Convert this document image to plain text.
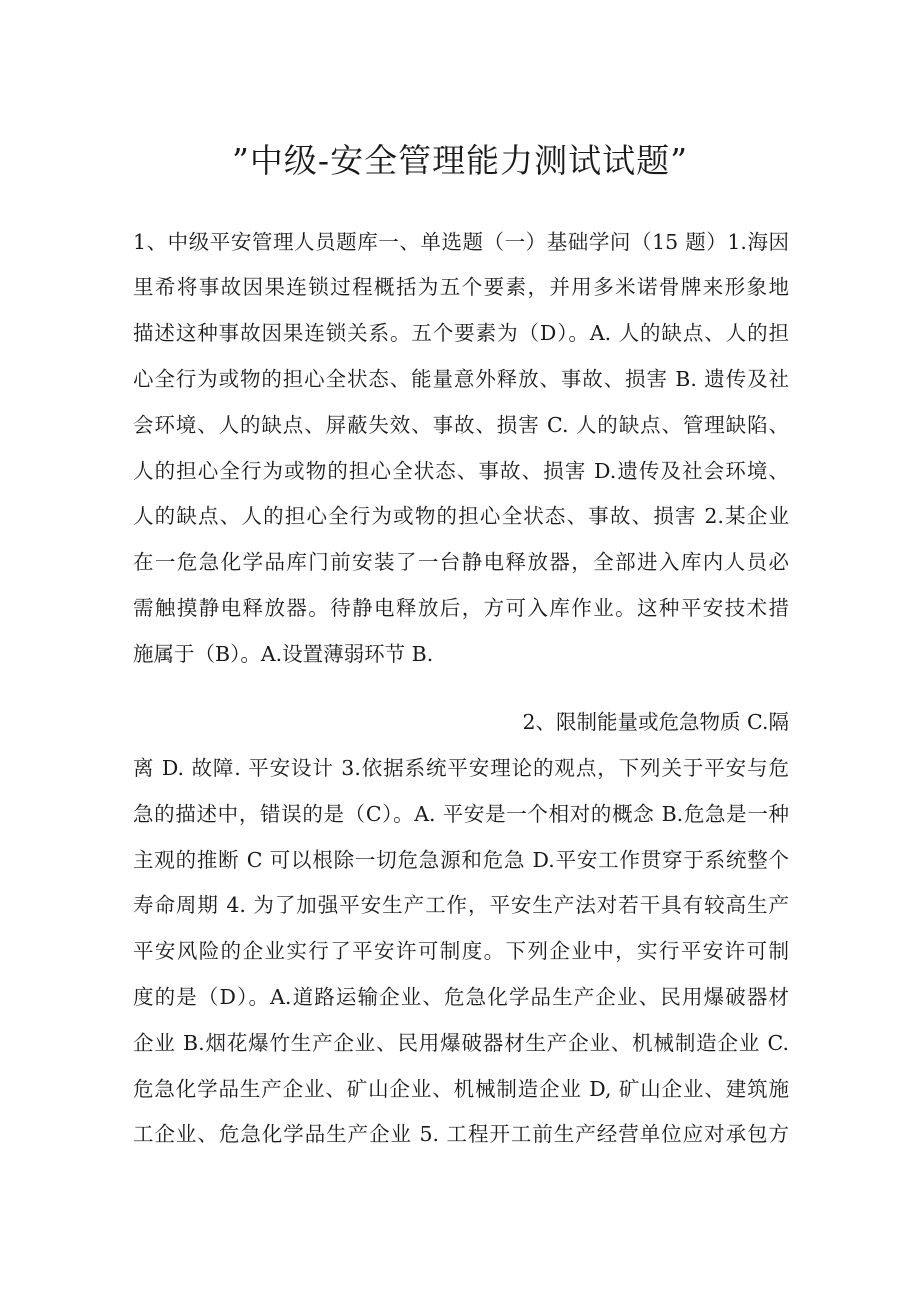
”中级-安全管理能力测试试题”
1、中级平安管理人员题库一、单选题（一）基础学问（15 题）1.海因
里希将事故因果连锁过程概括为五个要素，并用多米诺骨牌来形象地
描述这种事故因果连锁关系。五个要素为（D）。A. 人的缺点、人的担
心全行为或物的担心全状态、能量意外释放、事故、损害 B. 遗传及社
会环境、人的缺点、屏蔽失效、事故、损害 C. 人的缺点、管理缺陷、
人的担心全行为或物的担心全状态、事故、损害 D.遗传及社会环境、
人的缺点、人的担心全行为或物的担心全状态、事故、损害 2.某企业
在一危急化学品库门前安装了一台静电释放器，全部进入库内人员必
需触摸静电释放器。待静电释放后，方可入库作业。这种平安技术措
施属于（B）。A.设置薄弱环节 B.
2、限制能量或危急物质 C.隔
离 D. 故障. 平安设计 3.依据系统平安理论的观点，下列关于平安与危
急的描述中，错误的是（C）。A. 平安是一个相对的概念 B.危急是一种
主观的推断 C 可以根除一切危急源和危急 D.平安工作贯穿于系统整个
寿命周期 4. 为了加强平安生产工作，平安生产法对若干具有较高生产
平安风险的企业实行了平安许可制度。下列企业中，实行平安许可制
度的是（D）。A.道路运输企业、危急化学品生产企业、民用爆破器材
企业 B.烟花爆竹生产企业、民用爆破器材生产企业、机械制造企业 C.
危急化学品生产企业、矿山企业、机械制造企业 D, 矿山企业、建筑施
工企业、危急化学品生产企业 5. 工程开工前生产经营单位应对承包方
